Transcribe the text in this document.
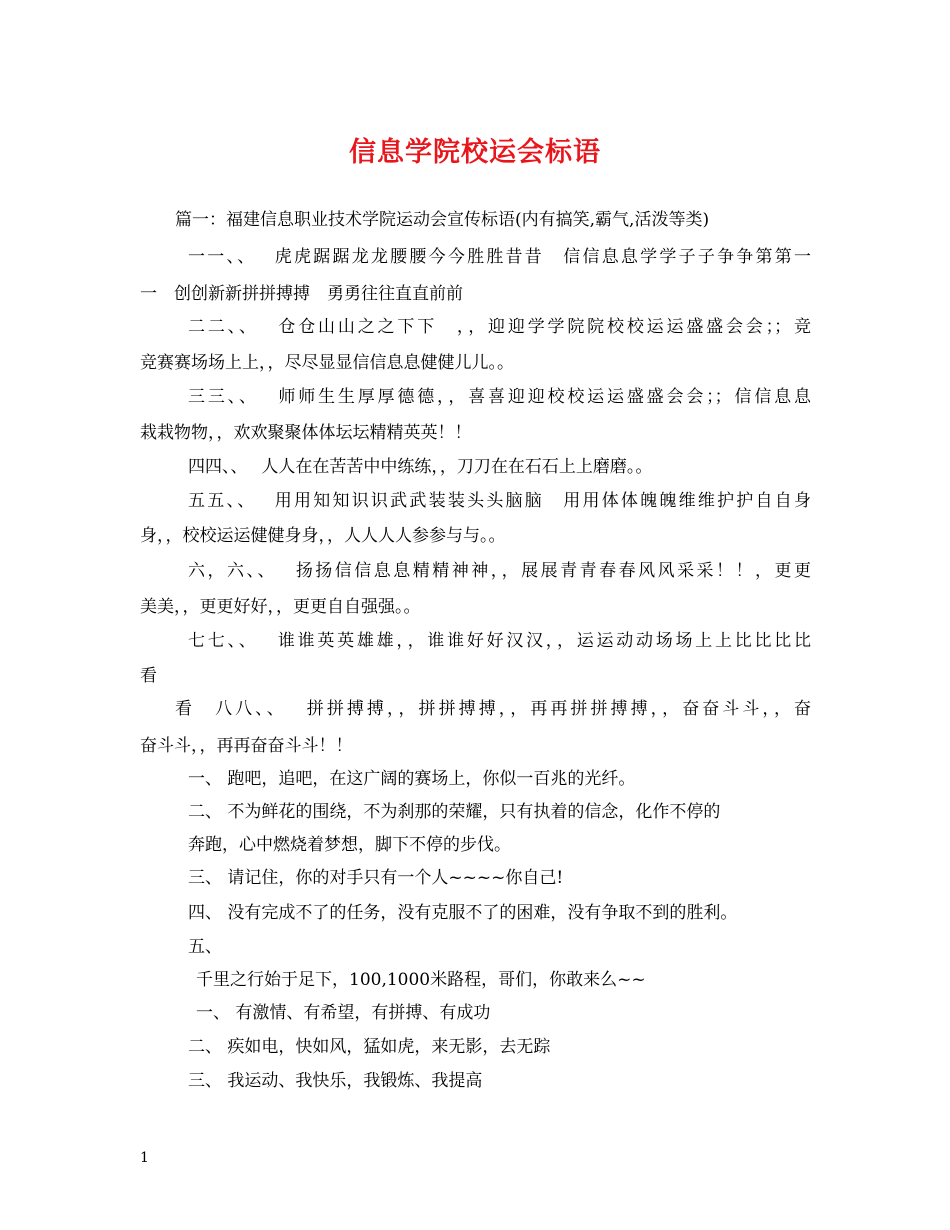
信息学院校运会标语
篇一：福建信息职业技术学院运动会宣传标语(内有搞笑,霸气,活泼等类)
一一、、　 虎虎踞踞龙龙腰腰今今胜胜昔昔　信信息息学学子子争争第第一
一　创创新新拼拼搏搏　勇勇往往直直前前
二二、、　 仓仓山山之之下下　，，迎迎学学院院校校运运盛盛会会；；竞
竞赛赛场场上上，，尽尽显显信信息息健健儿儿。。
三三、、　 师师生生厚厚德德，，喜喜迎迎校校运运盛盛会会；；信信息息
栽栽物物，，欢欢聚聚体体坛坛精精英英！！
四四、、　 人人在在苦苦中中练练，，刀刀在在石石上上磨磨。。
五五、、　 用用知知识识武武装装头头脑脑　用用体体魄魄维维护护自自身
身，，校校运运健健身身，，人人人人参参与与。。
六，六、、　 扬扬信信息息精精神神，，展展青青春春风风采采！！，更更
美美，，更更好好，，更更自自强强。。
七七、、　 谁谁英英雄雄，，谁谁好好汉汉，，运运动动场场上上比比比比
看
看　八八、、　 拼拼搏搏，，拼拼搏搏，，再再拼拼搏搏，，奋奋斗斗，，奋
奋斗斗，，再再奋奋斗斗！！
一、 跑吧，追吧，在这广阔的赛场上，你似一百兆的光纤。
二、 不为鲜花的围绕，不为刹那的荣耀，只有执着的信念，化作不停的
奔跑，心中燃烧着梦想，脚下不停的步伐。
三、 请记住，你的对手只有一个人~~~~你自己!
四、 没有完成不了的任务，没有克服不了的困难，没有争取不到的胜利。
五、
千里之行始于足下，100,1000米路程，哥们，你敢来么~~
一、 有激情、有希望，有拼搏、有成功
二、 疾如电，快如风，猛如虎，来无影，去无踪
三、 我运动、我快乐，我锻炼、我提高
1
